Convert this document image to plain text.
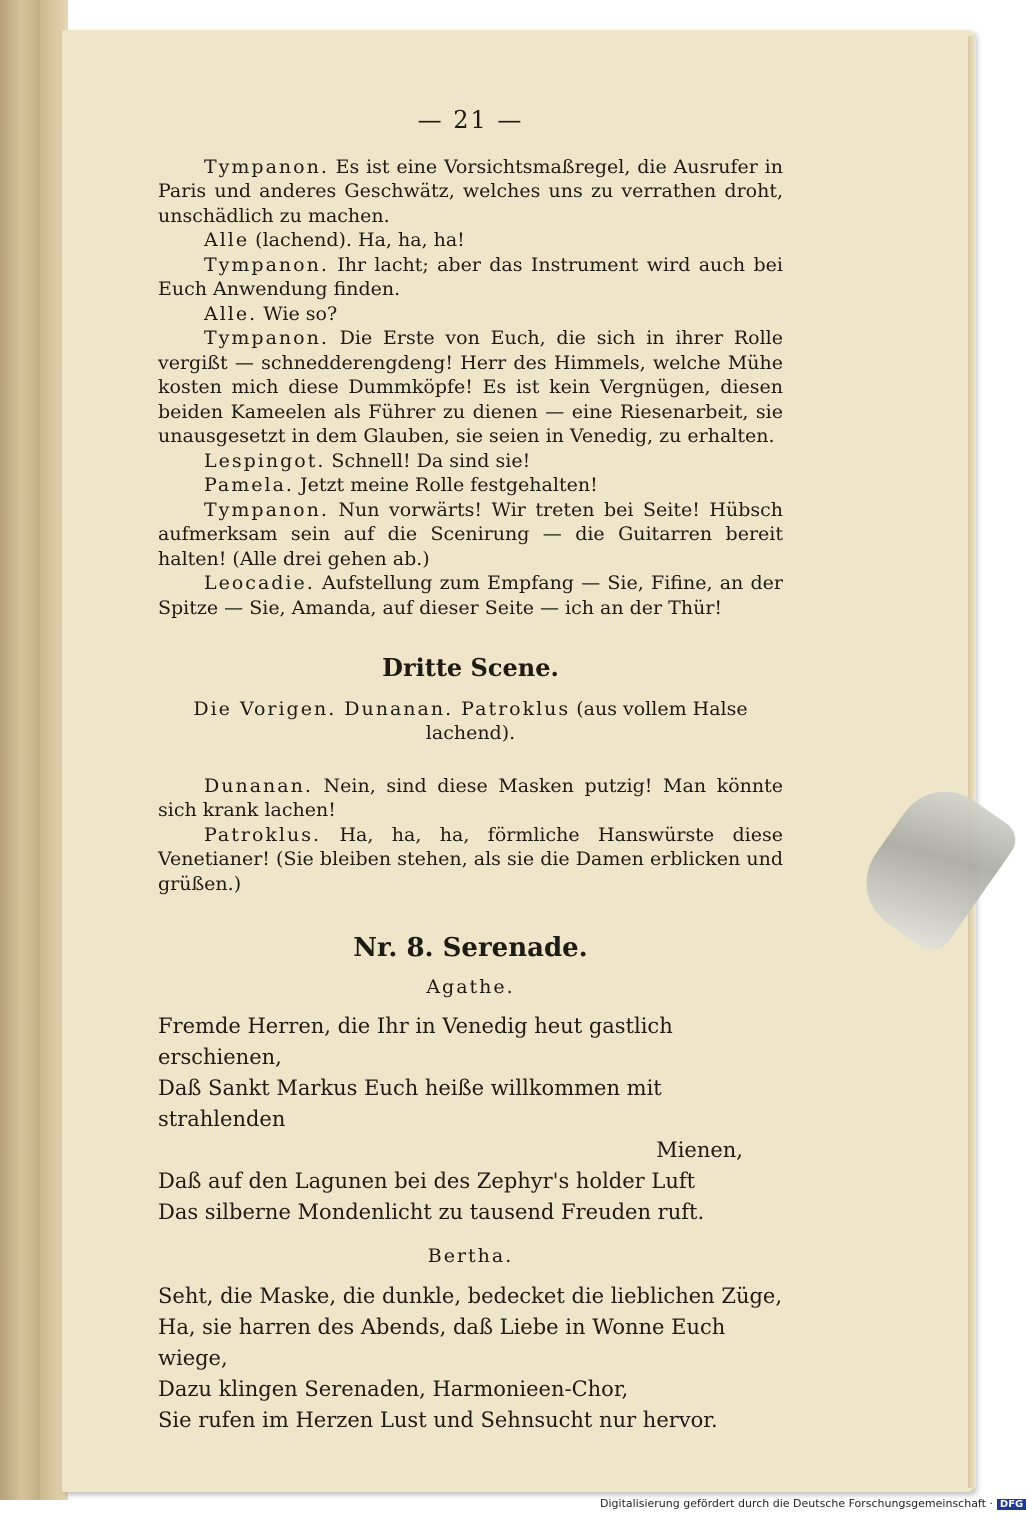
— 21 —

Tympanon. Es ist eine Vorsichtsmaßregel, die Ausrufer in Paris und anderes Geschwätz, welches uns zu verrathen droht, unschädlich zu machen.

Alle (lachend). Ha, ha, ha!

Tympanon. Ihr lacht; aber das Instrument wird auch bei Euch Anwendung finden.

Alle. Wie so?

Tympanon. Die Erste von Euch, die sich in ihrer Rolle vergißt — schnedderengdeng! Herr des Himmels, welche Mühe kosten mich diese Dummköpfe! Es ist kein Vergnügen, diesen beiden Kameelen als Führer zu dienen — eine Riesenarbeit, sie unausgesetzt in dem Glauben, sie seien in Venedig, zu erhalten.

Lespingot. Schnell! Da sind sie!

Pamela. Jetzt meine Rolle festgehalten!

Tympanon. Nun vorwärts! Wir treten bei Seite! Hübsch aufmerksam sein auf die Scenirung — die Guitarren bereit halten! (Alle drei gehen ab.)

Leocadie. Aufstellung zum Empfang — Sie, Fifine, an der Spitze — Sie, Amanda, auf dieser Seite — ich an der Thür!

Dritte Scene.
Die Vorigen. Dunanan. Patroklus (aus vollem Halse lachend).

Dunanan. Nein, sind diese Masken putzig! Man könnte sich krank lachen!

Patroklus. Ha, ha, ha, förmliche Hanswürste diese Venetianer! (Sie bleiben stehen, als sie die Damen erblicken und grüßen.)

Nr. 8. Serenade.
Agathe.

Fremde Herren, die Ihr in Venedig heut gastlich erschienen,

Daß Sankt Markus Euch heiße willkommen mit strahlenden

Mienen,

Daß auf den Lagunen bei des Zephyr's holder Luft

Das silberne Mondenlicht zu tausend Freuden ruft.

Bertha.

Seht, die Maske, die dunkle, bedecket die lieblichen Züge,

Ha, sie harren des Abends, daß Liebe in Wonne Euch wiege,

Dazu klingen Serenaden, Harmonieen-Chor,

Sie rufen im Herzen Lust und Sehnsucht nur hervor.

Digitalisierung gefördert durch die Deutsche Forschungsgemeinschaft · DFG
